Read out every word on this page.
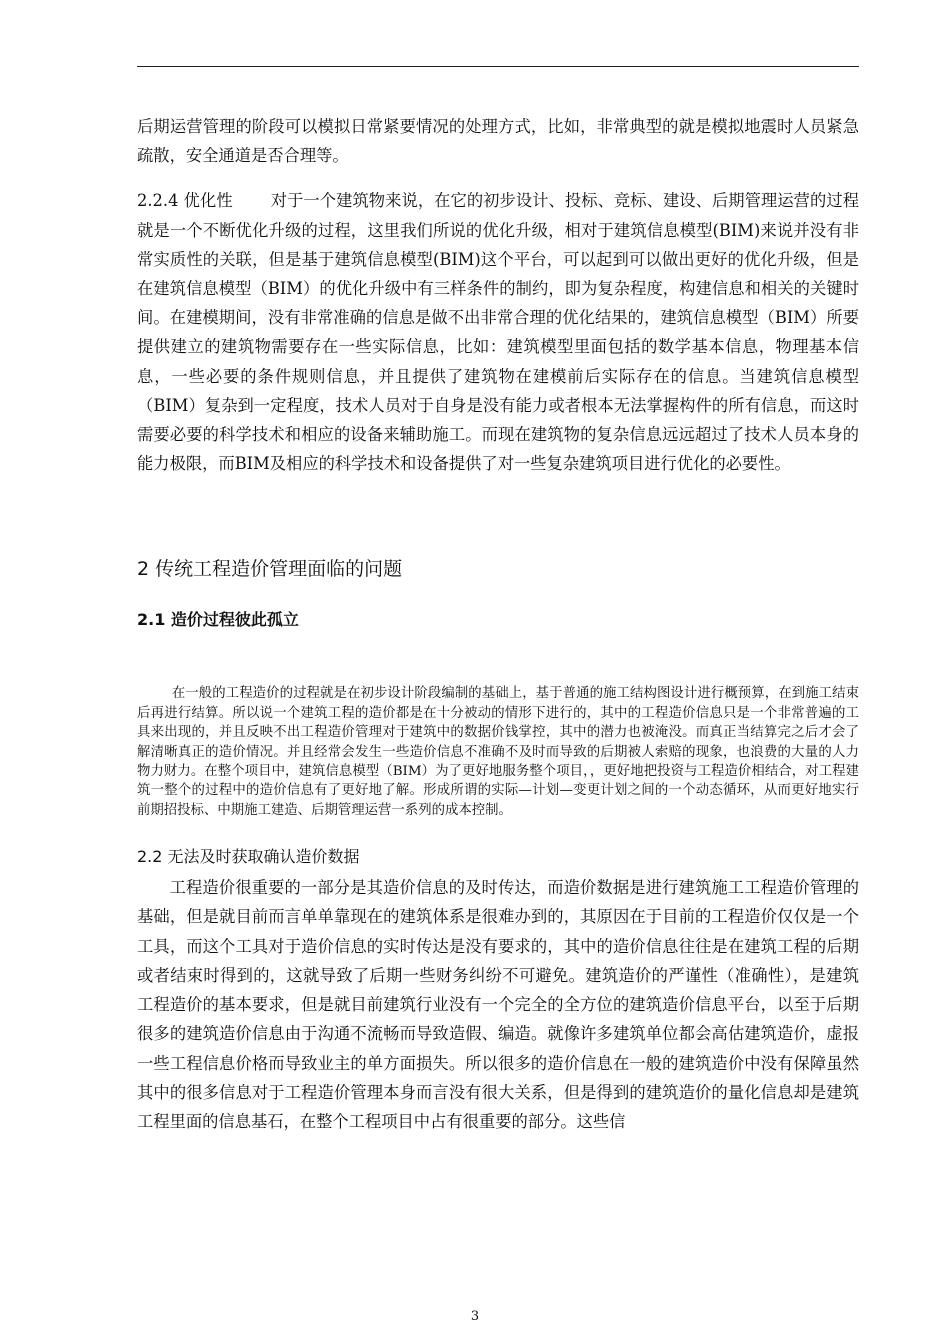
后期运营管理的阶段可以模拟日常紧要情况的处理方式，比如，非常典型的就是模拟地震时人员紧急疏散，安全通道是否合理等。

2.2.4 优化性 对于一个建筑物来说，在它的初步设计、投标、竞标、建设、后期管理运营的过程就是一个不断优化升级的过程，这里我们所说的优化升级，相对于建筑信息模型(BIM)来说并没有非常实质性的关联，但是基于建筑信息模型(BIM)这个平台，可以起到可以做出更好的优化升级，但是在建筑信息模型（BIM）的优化升级中有三样条件的制约，即为复杂程度，构建信息和相关的关键时间。在建模期间，没有非常准确的信息是做不出非常合理的优化结果的，建筑信息模型（BIM）所要提供建立的建筑物需要存在一些实际信息，比如：建筑模型里面包括的数学基本信息，物理基本信息，一些必要的条件规则信息，并且提供了建筑物在建模前后实际存在的信息。当建筑信息模型（BIM）复杂到一定程度，技术人员对于自身是没有能力或者根本无法掌握构件的所有信息，而这时需要必要的科学技术和相应的设备来辅助施工。而现在建筑物的复杂信息远远超过了技术人员本身的能力极限，而BIM及相应的科学技术和设备提供了对一些复杂建筑项目进行优化的必要性。

2 传统工程造价管理面临的问题
2.1 造价过程彼此孤立

在一般的工程造价的过程就是在初步设计阶段编制的基础上，基于普通的施工结构图设计进行概预算，在到施工结束后再进行结算。所以说一个建筑工程的造价都是在十分被动的情形下进行的，其中的工程造价信息只是一个非常普遍的工具来出现的，并且反映不出工程造价管理对于建筑中的数据价钱掌控，其中的潜力也被淹没。而真正当结算完之后才会了解清晰真正的造价情况。并且经常会发生一些造价信息不准确不及时而导致的后期被人索赔的现象，也浪费的大量的人力物力财力。在整个项目中，建筑信息模型（BIM）为了更好地服务整个项目，，更好地把投资与工程造价相结合，对工程建筑一整个的过程中的造价信息有了更好地了解。形成所谓的实际—计划—变更计划之间的一个动态循环，从而更好地实行前期招投标、中期施工建造、后期管理运营一系列的成本控制。

2.2 无法及时获取确认造价数据

工程造价很重要的一部分是其造价信息的及时传达，而造价数据是进行建筑施工工程造价管理的基础，但是就目前而言单单靠现在的建筑体系是很难办到的，其原因在于目前的工程造价仅仅是一个工具，而这个工具对于造价信息的实时传达是没有要求的，其中的造价信息往往是在建筑工程的后期或者结束时得到的，这就导致了后期一些财务纠纷不可避免。建筑造价的严谨性（准确性），是建筑工程造价的基本要求，但是就目前建筑行业没有一个完全的全方位的建筑造价信息平台，以至于后期很多的建筑造价信息由于沟通不流畅而导致造假、编造。就像许多建筑单位都会高估建筑造价，虚报一些工程信息价格而导致业主的单方面损失。所以很多的造价信息在一般的建筑造价中没有保障虽然其中的很多信息对于工程造价管理本身而言没有很大关系，但是得到的建筑造价的量化信息却是建筑工程里面的信息基石，在整个工程项目中占有很重要的部分。这些信

3
